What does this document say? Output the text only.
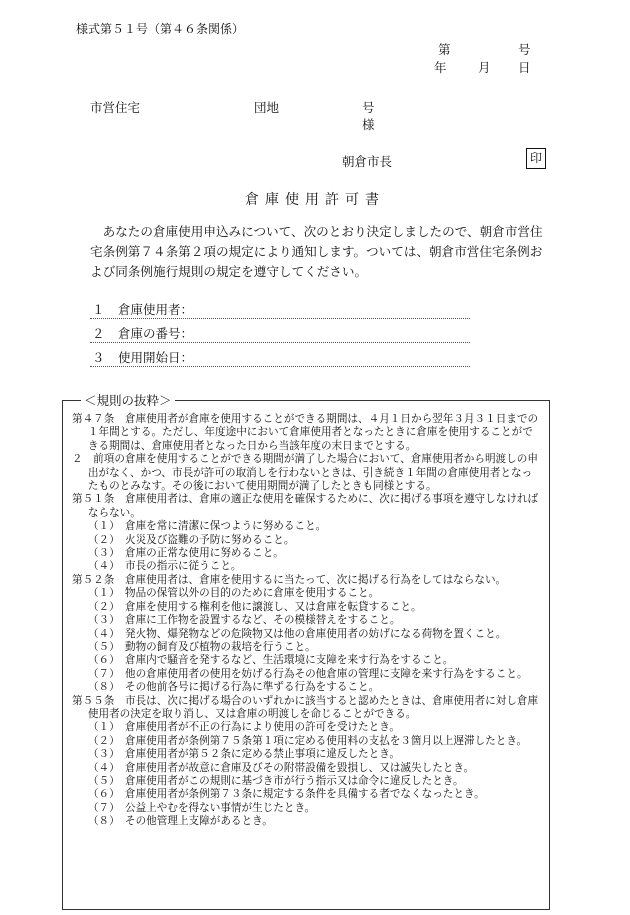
様式第５１号（第４６条関係）
第	号
年	月 日
市営住宅	団地	号
様
朝倉市長	印
倉庫使用許可書
あなたの倉庫使用申込みについて、次のとおり決定しましたので、朝倉市営住宅条例第７４条第２項の規定により通知します。ついては、朝倉市営住宅条例および同条例施行規則の規定を遵守してください。
１ 倉庫使用者：
２ 倉庫の番号：
３ 使用開始日：
＜規則の抜粋＞

第４７条　倉庫使用者が倉庫を使用することができる期間は、４月１日から翌年３月３１日までの１年間とする。ただし、年度途中において倉庫使用者となったときに倉庫を使用することができる期間は、倉庫使用者となった日から当該年度の末日までとする。

２　前項の倉庫を使用することができる期間が満了した場合において、倉庫使用者から明渡しの申出がなく、かつ、市長が許可の取消しを行わないときは、引き続き１年間の倉庫使用者となったものとみなす。その後において使用期間が満了したときも同様とする。

第５１条　倉庫使用者は、倉庫の適正な使用を確保するために、次に掲げる事項を遵守しなければならない。

（１）　倉庫を常に清潔に保つように努めること。

（２）　火災及び盗難の予防に努めること。

（３）　倉庫の正常な使用に努めること。

（４）　市長の指示に従うこと。

第５２条　倉庫使用者は、倉庫を使用するに当たって、次に掲げる行為をしてはならない。

（１）　物品の保管以外の目的のために倉庫を使用すること。

（２）　倉庫を使用する権利を他に譲渡し、又は倉庫を転貸すること。

（３）　倉庫に工作物を設置するなど、その模様替えをすること。

（４）　発火物、爆発物などの危険物又は他の倉庫使用者の妨げになる荷物を置くこと。

（５）　動物の飼育及び植物の栽培を行うこと。

（６）　倉庫内で騒音を発するなど、生活環境に支障を来す行為をすること。

（７）　他の倉庫使用者の使用を妨げる行為その他倉庫の管理に支障を来す行為をすること。

（８）　その他前各号に掲げる行為に準ずる行為をすること。

第５５条　市長は、次に掲げる場合のいずれかに該当すると認めたときは、倉庫使用者に対し倉庫使用者の決定を取り消し、又は倉庫の明渡しを命じることができる。

（１）　倉庫使用者が不正の行為により使用の許可を受けたとき。

（２）　倉庫使用者が条例第７５条第１項に定める使用料の支払を３箇月以上遅滞したとき。

（３）　倉庫使用者が第５２条に定める禁止事項に違反したとき。

（４）　倉庫使用者が故意に倉庫及びその附帯設備を毀損し、又は滅失したとき。

（５）　倉庫使用者がこの規則に基づき市が行う指示又は命令に違反したとき。

（６）　倉庫使用者が条例第７３条に規定する条件を具備する者でなくなったとき。

（７）　公益上やむを得ない事情が生じたとき。

（８）　その他管理上支障があるとき。
